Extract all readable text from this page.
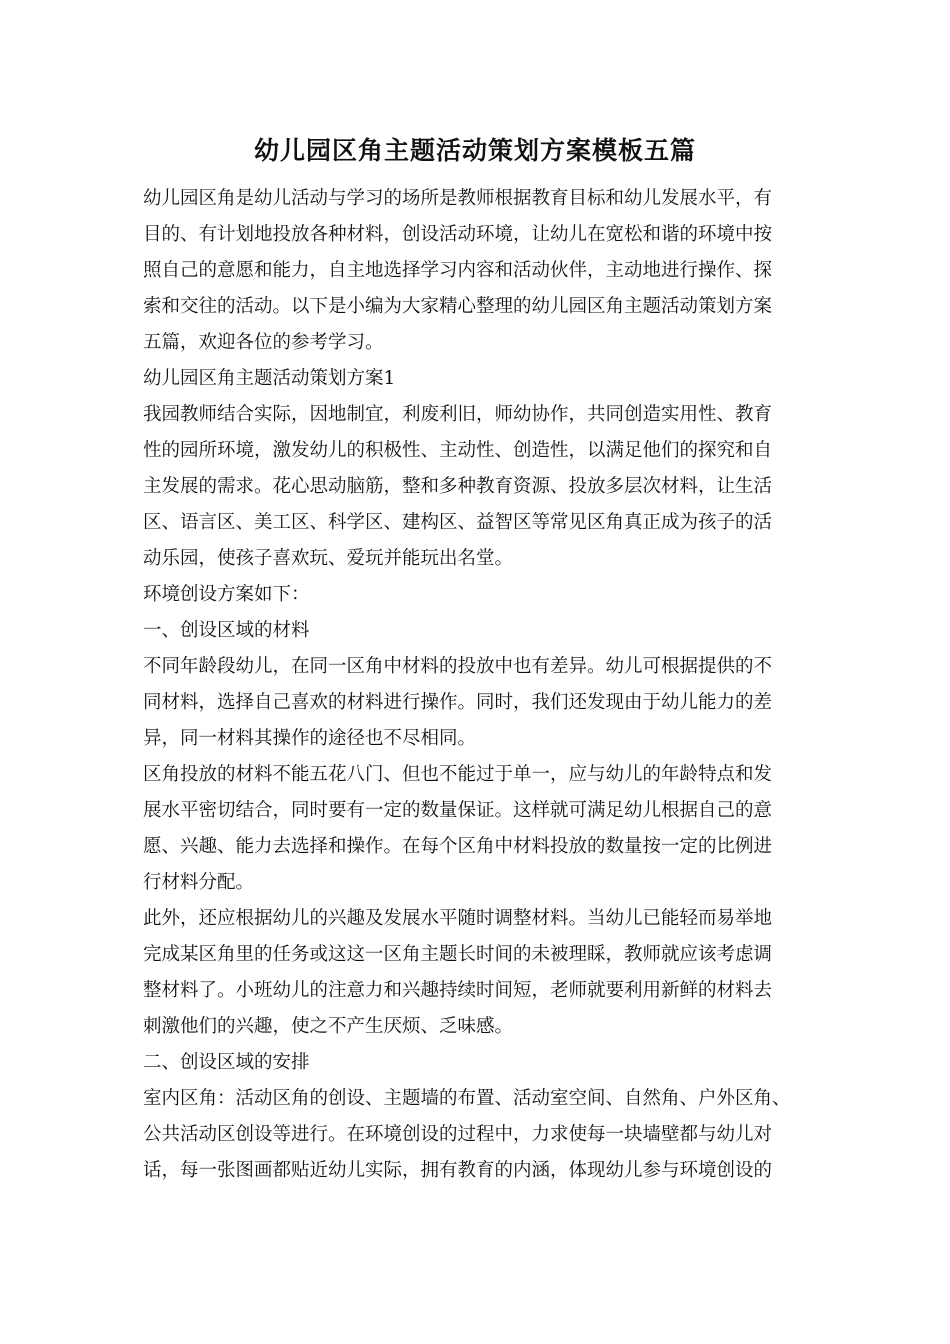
幼儿园区角主题活动策划方案模板五篇

幼儿园区角是幼儿活动与学习的场所是教师根据教育目标和幼儿发展水平，有

目的、有计划地投放各种材料，创设活动环境，让幼儿在宽松和谐的环境中按

照自己的意愿和能力，自主地选择学习内容和活动伙伴，主动地进行操作、探

索和交往的活动。以下是小编为大家精心整理的幼儿园区角主题活动策划方案

五篇，欢迎各位的参考学习。

幼儿园区角主题活动策划方案1

我园教师结合实际，因地制宜，利废利旧，师幼协作，共同创造实用性、教育

性的园所环境，激发幼儿的积极性、主动性、创造性，以满足他们的探究和自

主发展的需求。花心思动脑筋，整和多种教育资源、投放多层次材料，让生活

区、语言区、美工区、科学区、建构区、益智区等常见区角真正成为孩子的活

动乐园，使孩子喜欢玩、爱玩并能玩出名堂。

环境创设方案如下：

一、创设区域的材料

不同年龄段幼儿，在同一区角中材料的投放中也有差异。幼儿可根据提供的不

同材料，选择自己喜欢的材料进行操作。同时，我们还发现由于幼儿能力的差

异，同一材料其操作的途径也不尽相同。

区角投放的材料不能五花八门、但也不能过于单一，应与幼儿的年龄特点和发

展水平密切结合，同时要有一定的数量保证。这样就可满足幼儿根据自己的意

愿、兴趣、能力去选择和操作。在每个区角中材料投放的数量按一定的比例进

行材料分配。

此外，还应根据幼儿的兴趣及发展水平随时调整材料。当幼儿已能轻而易举地

完成某区角里的任务或这这一区角主题长时间的未被理睬，教师就应该考虑调

整材料了。小班幼儿的注意力和兴趣持续时间短，老师就要利用新鲜的材料去

刺激他们的兴趣，使之不产生厌烦、乏味感。

二、创设区域的安排

室内区角：活动区角的创设、主题墙的布置、活动室空间、自然角、户外区角、

公共活动区创设等进行。在环境创设的过程中，力求使每一块墙壁都与幼儿对

话，每一张图画都贴近幼儿实际，拥有教育的内涵，体现幼儿参与环境创设的
